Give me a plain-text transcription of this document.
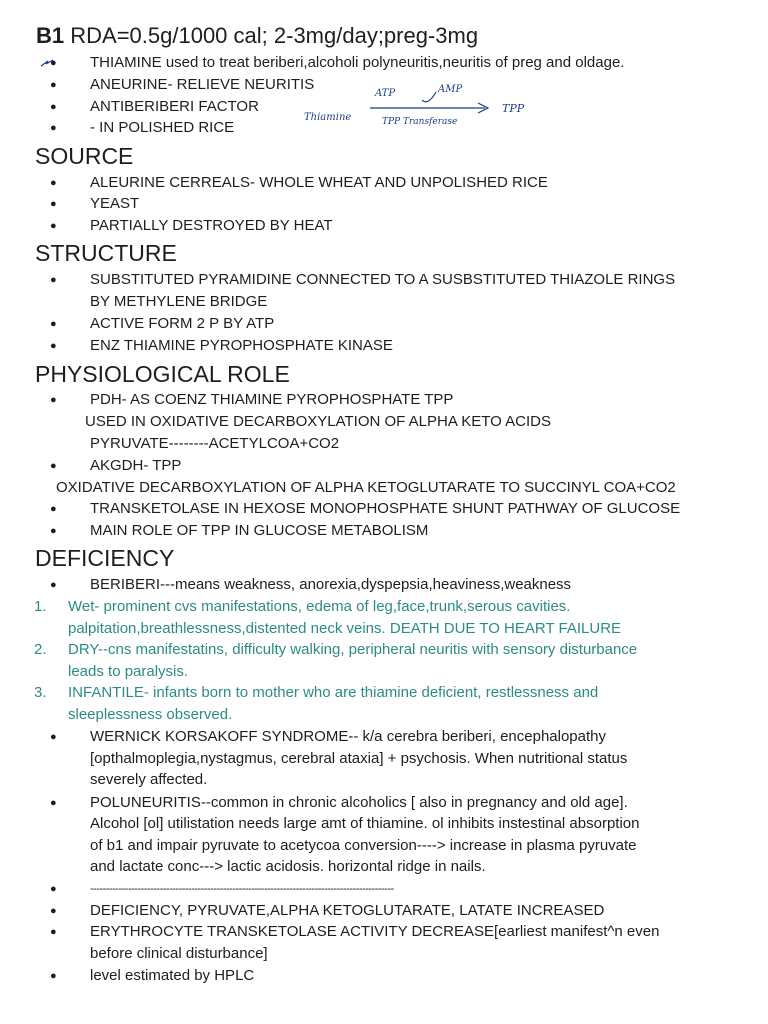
B1 RDA=0.5g/1000 cal; 2-3mg/day;preg-3mg
● THIAMINE used to treat beriberi,alcoholi polyneuritis,neuritis of preg and oldage.
● ANEURINE- RELIEVE NEURITIS
● ANTIBERIBERI FACTOR
● - IN POLISHED RICE
Thiamine
ATP	AMP
TPP Transferase
TPP
SOURCE
● ALEURINE CERREALS- WHOLE WHEAT AND UNPOLISHED RICE
● YEAST
● PARTIALLY DESTROYED BY HEAT
STRUCTURE
● SUBSTITUTED PYRAMIDINE CONNECTED TO A SUSBSTITUTED THIAZOLE RINGS
BY METHYLENE BRIDGE
● ACTIVE FORM 2 P BY ATP
● ENZ THIAMINE PYROPHOSPHATE KINASE
PHYSIOLOGICAL ROLE
● PDH- AS COENZ THIAMINE PYROPHOSPHATE TPP
USED IN OXIDATIVE DECARBOXYLATION OF ALPHA KETO ACIDS
PYRUVATE--------ACETYLCOA+CO2
● AKGDH- TPP
OXIDATIVE DECARBOXYLATION OF ALPHA KETOGLUTARATE TO SUCCINYL COA+CO2
● TRANSKETOLASE IN HEXOSE MONOPHOSPHATE SHUNT PATHWAY OF GLUCOSE
● MAIN ROLE OF TPP IN GLUCOSE METABOLISM
DEFICIENCY
● BERIBERI---means weakness, anorexia,dyspepsia,heaviness,weakness
1. Wet- prominent cvs manifestations, edema of leg,face,trunk,serous cavities.
palpitation,breathlessness,distented neck veins. DEATH DUE TO HEART FAILURE
2. DRY--cns manifestatins, difficulty walking, peripheral neuritis with sensory disturbance
leads to paralysis.
3. INFANTILE- infants born to mother who are thiamine deficient, restlessness and
sleeplessness observed.
● WERNICK KORSAKOFF SYNDROME-- k/a cerebra beriberi, encephalopathy
[opthalmoplegia,nystagmus, cerebral ataxia] + psychosis. When nutritional status
severely affected.
● POLUNEURITIS--common in chronic alcoholics [ also in pregnancy and old age].
Alcohol [ol] utilistation needs large amt of thiamine. ol inhibits instestinal absorption
of b1 and impair pyruvate to acetycoa conversion----> increase in plasma pyruvate
and lactate conc---> lactic acidosis. horizontal ridge in nails.
●	------------------------------------------------------------------------------------------------
● DEFICIENCY, PYRUVATE,ALPHA KETOGLUTARATE, LATATE INCREASED
● ERYTHROCYTE TRANSKETOLASE ACTIVITY DECREASE[earliest manifest^n even
before clinical disturbance]
● level estimated by HPLC
